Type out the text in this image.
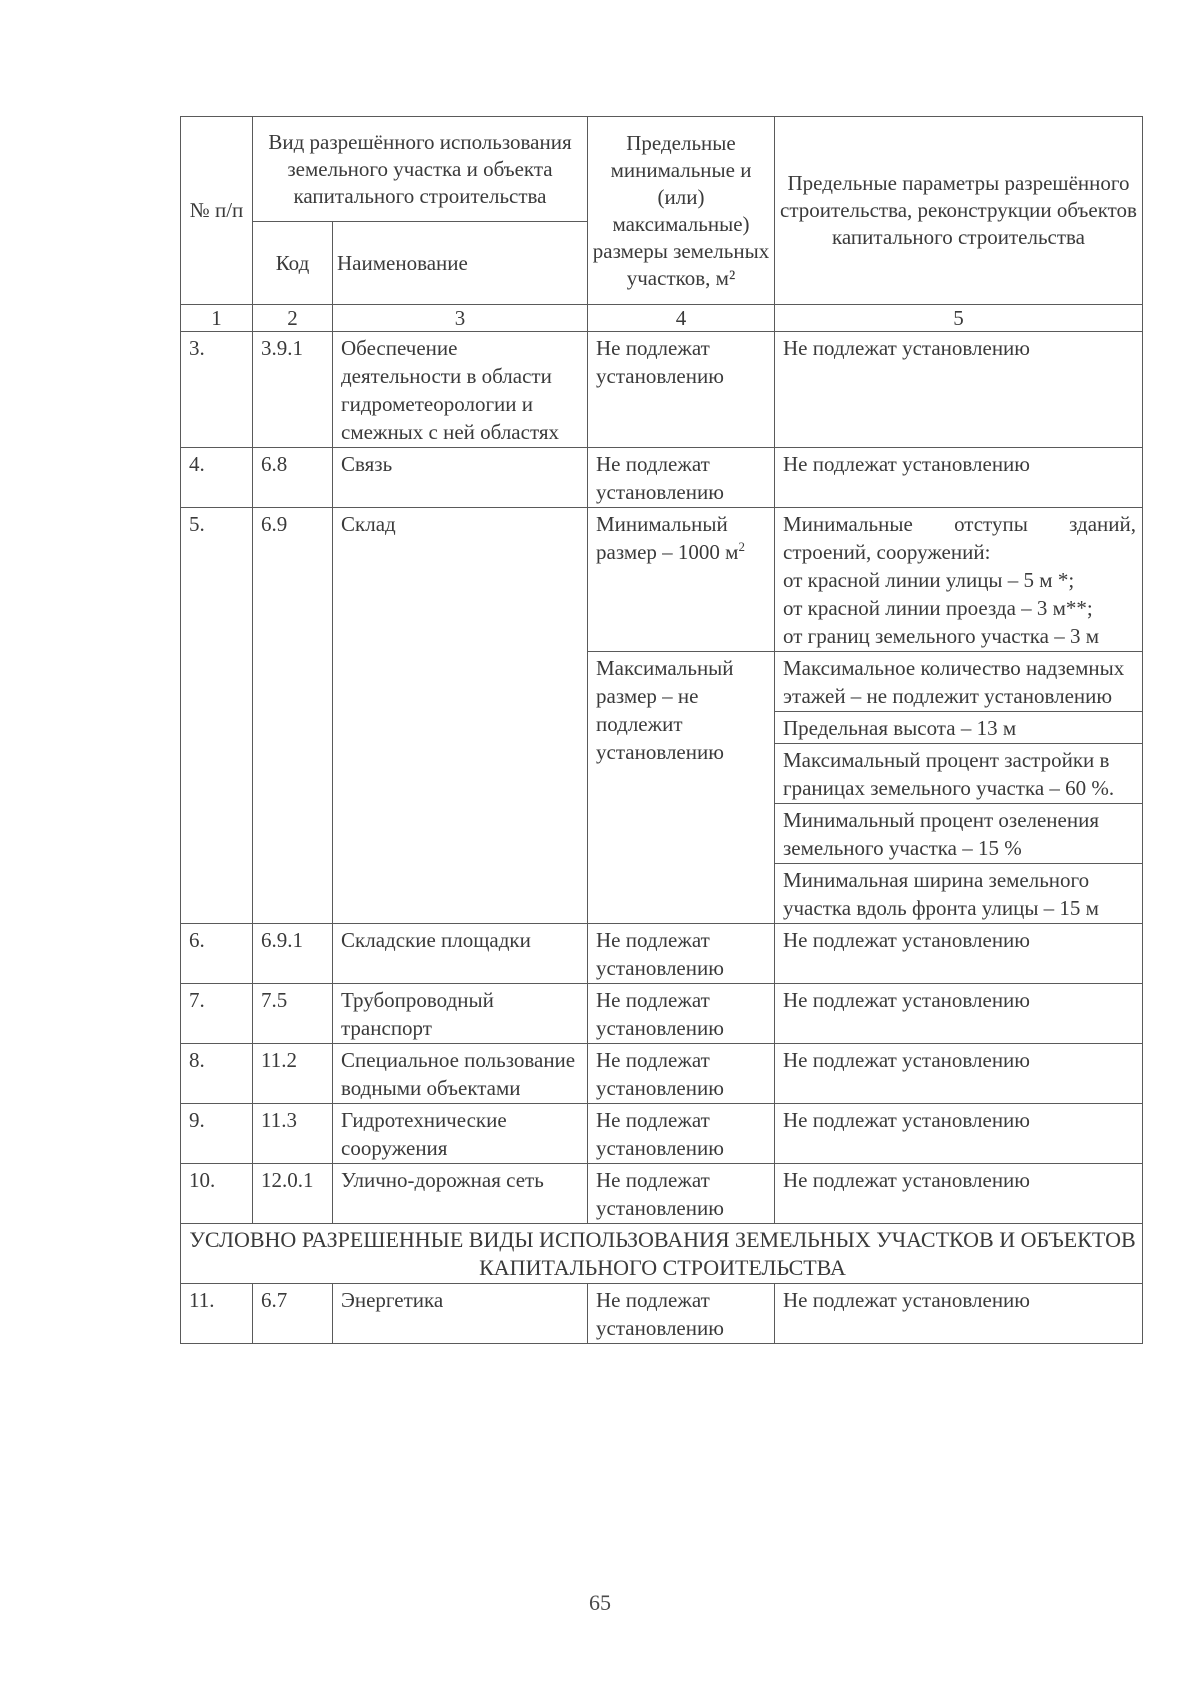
№ п/п	Вид разрешённого использования земельного участка и объекта капитального строительства		Предельные минимальные и (или) максимальные) размеры земельных участков, м²	Предельные параметры разрешённого строительства, реконструкции объектов капитального строительства
	Код	Наименование		
1	2	3	4	5
3.	3.9.1	Обеспечение деятельности в области гидрометеорологии и смежных с ней областях	Не подлежат установлению	Не подлежат установлению
4.	6.8	Связь	Не подлежат установлению	Не подлежат установлению
5.	6.9	Склад	Минимальный размер – 1000 $м^2$	Минимальные отступы зданий, строений, сооружений:
от красной линии улицы – 5 м *;
от красной линии проезда – 3 м**;
от границ земельного участка – 3 м

			Максимальный размер – не подлежит установлению	Максимальное количество надземных этажей – не подлежит установлению
				Предельная высота – 13 м
				Максимальный процент застройки в границах земельного участка – 60 %.
				Минимальный процент озеленения земельного участка – 15 %
				Минимальная ширина земельного участка вдоль фронта улицы – 15 м
6.	6.9.1	Складские площадки	Не подлежат установлению	Не подлежат установлению
7.	7.5	Трубопроводный транспорт	Не подлежат установлению	Не подлежат установлению
8.	11.2	Специальное пользование водными объектами	Не подлежат установлению	Не подлежат установлению
9.	11.3	Гидротехнические сооружения	Не подлежат установлению	Не подлежат установлению
10.	12.0.1	Улично-дорожная сеть	Не подлежат установлению	Не подлежат установлению
УСЛОВНО РАЗРЕШЕННЫЕ ВИДЫ ИСПОЛЬЗОВАНИЯ ЗЕМЕЛЬНЫХ УЧАСТКОВ И ОБЪЕКТОВ КАПИТАЛЬНОГО СТРОИТЕЛЬСТВА				
11.	6.7	Энергетика	Не подлежат установлению	Не подлежат установлению
65
